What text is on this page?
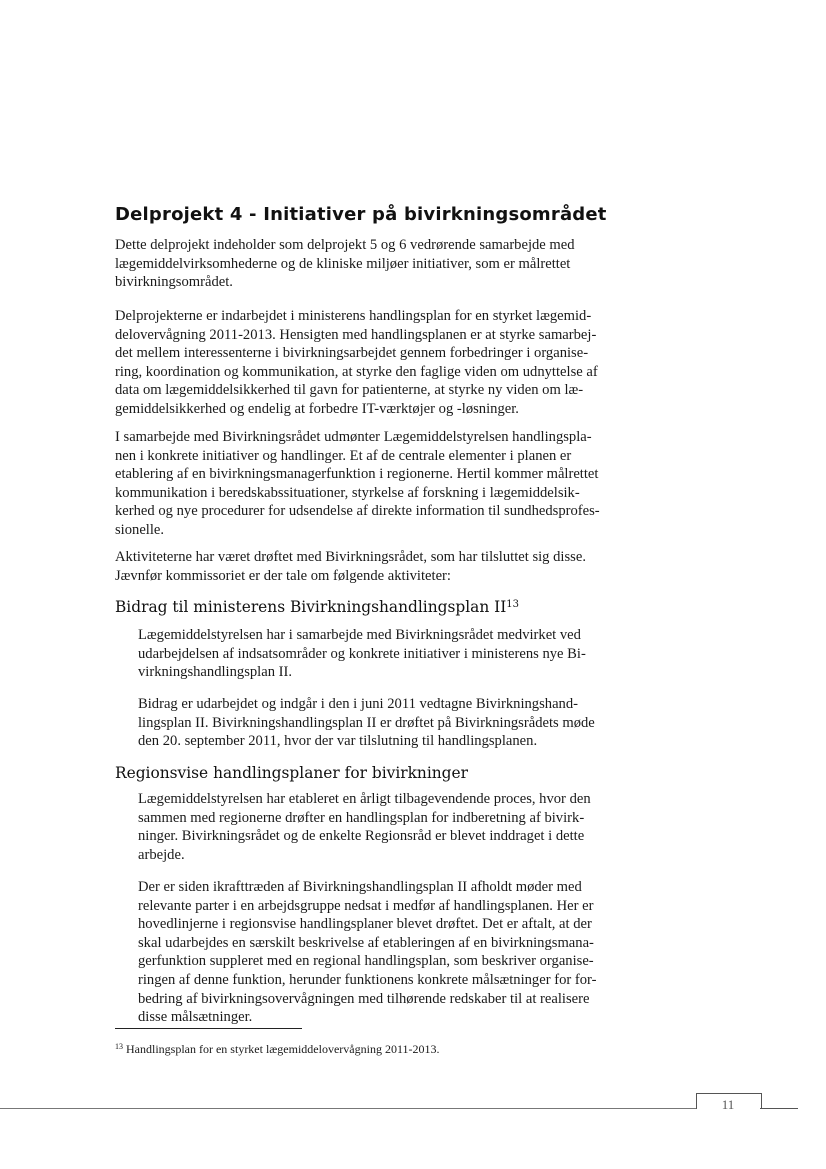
Delprojekt 4 - Initiativer på bivirkningsområdet

Dette delprojekt indeholder som delprojekt 5 og 6 vedrørende samarbejde med
lægemiddelvirksomhederne og de kliniske miljøer initiativer, som er målrettet
bivirkningsområdet.

Delprojekterne er indarbejdet i ministerens handlingsplan for en styrket lægemid-
delovervågning 2011-2013. Hensigten med handlingsplanen er at styrke samarbej-
det mellem interessenterne i bivirkningsarbejdet gennem forbedringer i organise-
ring, koordination og kommunikation, at styrke den faglige viden om udnyttelse af
data om lægemiddelsikkerhed til gavn for patienterne, at styrke ny viden om læ-
gemiddelsikkerhed og endelig at forbedre IT-værktøjer og -løsninger.

I samarbejde med Bivirkningsrådet udmønter Lægemiddelstyrelsen handlingspla-
nen i konkrete initiativer og handlinger. Et af de centrale elementer i planen er
etablering af en bivirkningsmanagerfunktion i regionerne. Hertil kommer målrettet
kommunikation i beredskabssituationer, styrkelse af forskning i lægemiddelsik-
kerhed og nye procedurer for udsendelse af direkte information til sundhedsprofes-
sionelle.

Aktiviteterne har været drøftet med Bivirkningsrådet, som har tilsluttet sig disse.
Jævnfør kommissoriet er der tale om følgende aktiviteter:

Bidrag til ministerens Bivirkningshandlingsplan II$^{13}$

Lægemiddelstyrelsen har i samarbejde med Bivirkningsrådet medvirket ved
udarbejdelsen af indsatsområder og konkrete initiativer i ministerens nye Bi-
virkningshandlingsplan II.

Bidrag er udarbejdet og indgår i den i juni 2011 vedtagne Bivirkningshand-
lingsplan II. Bivirkningshandlingsplan II er drøftet på Bivirkningsrådets møde
den 20. september 2011, hvor der var tilslutning til handlingsplanen.

Regionsvise handlingsplaner for bivirkninger

Lægemiddelstyrelsen har etableret en årligt tilbagevendende proces, hvor den
sammen med regionerne drøfter en handlingsplan for indberetning af bivirk-
ninger. Bivirkningsrådet og de enkelte Regionsråd er blevet inddraget i dette
arbejde.

Der er siden ikrafttræden af Bivirkningshandlingsplan II afholdt møder med
relevante parter i en arbejdsgruppe nedsat i medfør af handlingsplanen. Her er
hovedlinjerne i regionsvise handlingsplaner blevet drøftet. Det er aftalt, at der
skal udarbejdes en særskilt beskrivelse af etableringen af en bivirkningsmana-
gerfunktion suppleret med en regional handlingsplan, som beskriver organise-
ringen af denne funktion, herunder funktionens konkrete målsætninger for for-
bedring af bivirkningsovervågningen med tilhørende redskaber til at realisere
disse målsætninger.

$^{13}$ Handlingsplan for en styrket lægemiddelovervågning 2011-2013.
11
